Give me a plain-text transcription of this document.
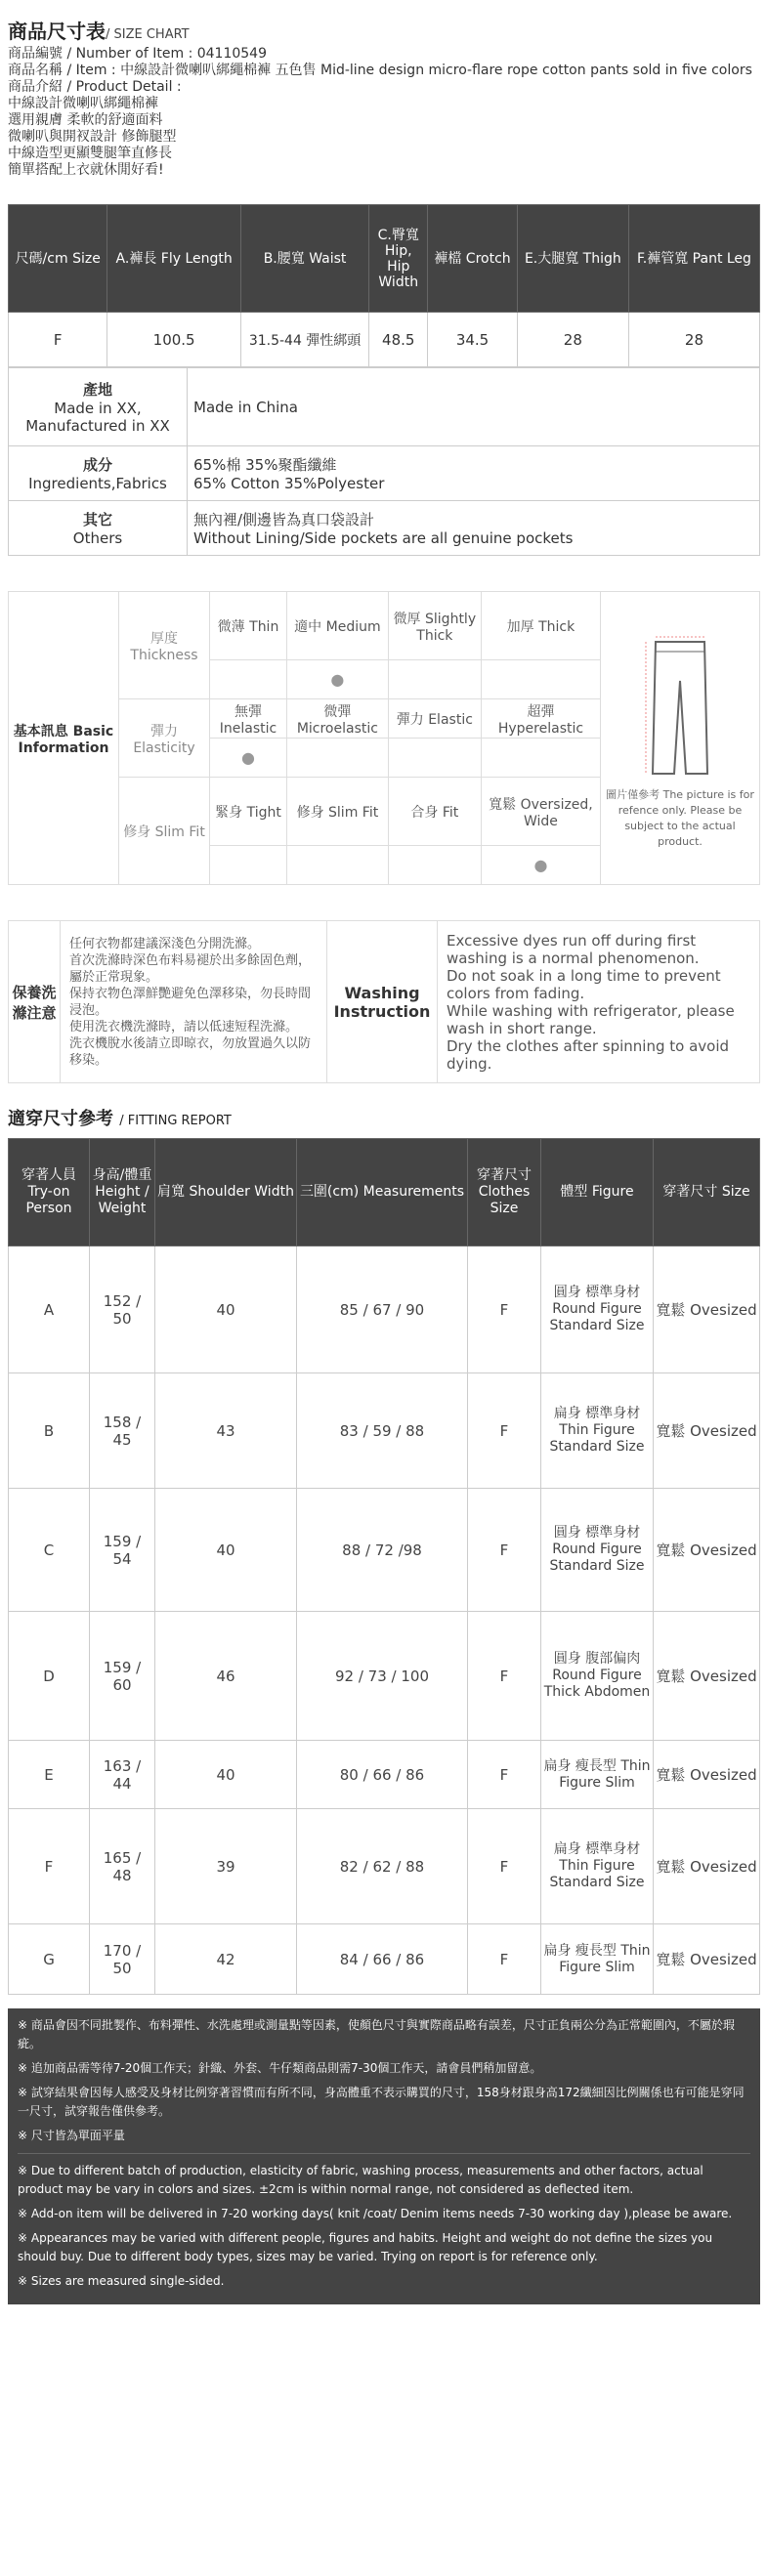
商品尺寸表/ SIZE CHART
商品編號 / Number of Item : 04110549
商品名稱 / Item : 中線設計微喇叭綁繩棉褲 五色售 Mid-line design micro-flare rope cotton pants sold in five colors
商品介紹 / Product Detail :
中線設計微喇叭綁繩棉褲
選用親膚 柔軟的舒適面料
微喇叭與開衩設計 修飾腿型
中線造型更顯雙腿筆直修長
簡單搭配上衣就休閒好看!
尺碼/cm Size	A.褲長 Fly Length	B.腰寬 Waist	C.臀寬 Hip, Hip Width	褲檔 Crotch	E.大腿寬 Thigh	F.褲管寬 Pant Leg
F	100.5	31.5-44 彈性綁頭	48.5	34.5	28	28
產地
Made in XX, Manufactured in XX	Made in China
成分
Ingredients,Fabrics	65%棉 35%聚酯纖維
65% Cotton 35%Polyester
其它
Others	無內裡/側邊皆為真口袋設計
Without Lining/Side pockets are all genuine pockets
基本訊息 Basic Information	厚度 Thickness	微薄 Thin	適中 Medium	微厚 Slightly Thick	加厚 Thick	圖片僅參考 The picture is for refence only. Please be subject to the actual product.

			●			
	彈力 Elasticity	無彈 Inelastic	微彈 Microelastic	彈力 Elastic	超彈 Hyperelastic	
		●				
	修身 Slim Fit	緊身 Tight	修身 Slim Fit	合身 Fit	寬鬆 Oversized, Wide	
					●	
保養洗滌注意	
任何衣物都建議深淺色分開洗滌。
首次洗滌時深色布料易褪於出多餘固色劑，屬於正常現象。
保持衣物色澤鮮艷避免色澤移染，勿長時間浸泡。
使用洗衣機洗滌時，請以低速短程洗滌。
洗衣機脫水後請立即晾衣，勿放置過久以防移染。
	Washing Instruction	
Excessive dyes run off during first washing is a normal phenomenon.
Do not soak in a long time to prevent colors from fading.
While washing with refrigerator, please wash in short range.
Dry the clothes after spinning to avoid dying.
適穿尺寸參考 / FITTING REPORT
穿著人員 Try-on Person	身高/體重 Height / Weight	肩寬 Shoulder Width	三圍(cm) Measurements	穿著尺寸 Clothes Size	體型 Figure	穿著尺寸 Size
A	152 / 50	40	85 / 67 / 90	F	圓身 標準身材 Round Figure Standard Size	寬鬆 Ovesized
B	158 / 45	43	83 / 59 / 88	F	扁身 標準身材 Thin Figure Standard Size	寬鬆 Ovesized
C	159 / 54	40	88 / 72 /98	F	圓身 標準身材 Round Figure Standard Size	寬鬆 Ovesized
D	159 / 60	46	92 / 73 / 100	F	圓身 腹部偏肉 Round Figure Thick Abdomen	寬鬆 Ovesized
E	163 / 44	40	80 / 66 / 86	F	扁身 瘦長型 Thin Figure Slim	寬鬆 Ovesized
F	165 / 48	39	82 / 62 / 88	F	扁身 標準身材 Thin Figure Standard Size	寬鬆 Ovesized
G	170 / 50	42	84 / 66 / 86	F	扁身 瘦長型 Thin Figure Slim	寬鬆 Ovesized

※ 商品會因不同批製作、布料彈性、水洗處理或測量點等因素，使顏色尺寸與實際商品略有誤差，尺寸正負兩公分為正常範圍內，不屬於瑕疵。

※ 追加商品需等待7-20個工作天；針織、外套、牛仔類商品則需7-30個工作天，請會員們稍加留意。

※ 試穿結果會因每人感受及身材比例穿著習慣而有所不同，身高體重不表示購買的尺寸，158身材跟身高172纖細因比例關係也有可能是穿同一尺寸，試穿報告僅供參考。

※ 尺寸皆為單面平量

※ Due to different batch of production, elasticity of fabric, washing process, measurements and other factors, actual product may be vary in colors and sizes. ±2cm is within normal range, not considered as deflected item.

※ Add-on item will be delivered in 7-20 working days( knit /coat/ Denim items needs 7-30 working day ),please be aware.

※ Appearances may be varied with different people, figures and habits. Height and weight do not define the sizes you should buy. Due to different body types, sizes may be varied. Trying on report is for reference only.

※ Sizes are measured single-sided.
